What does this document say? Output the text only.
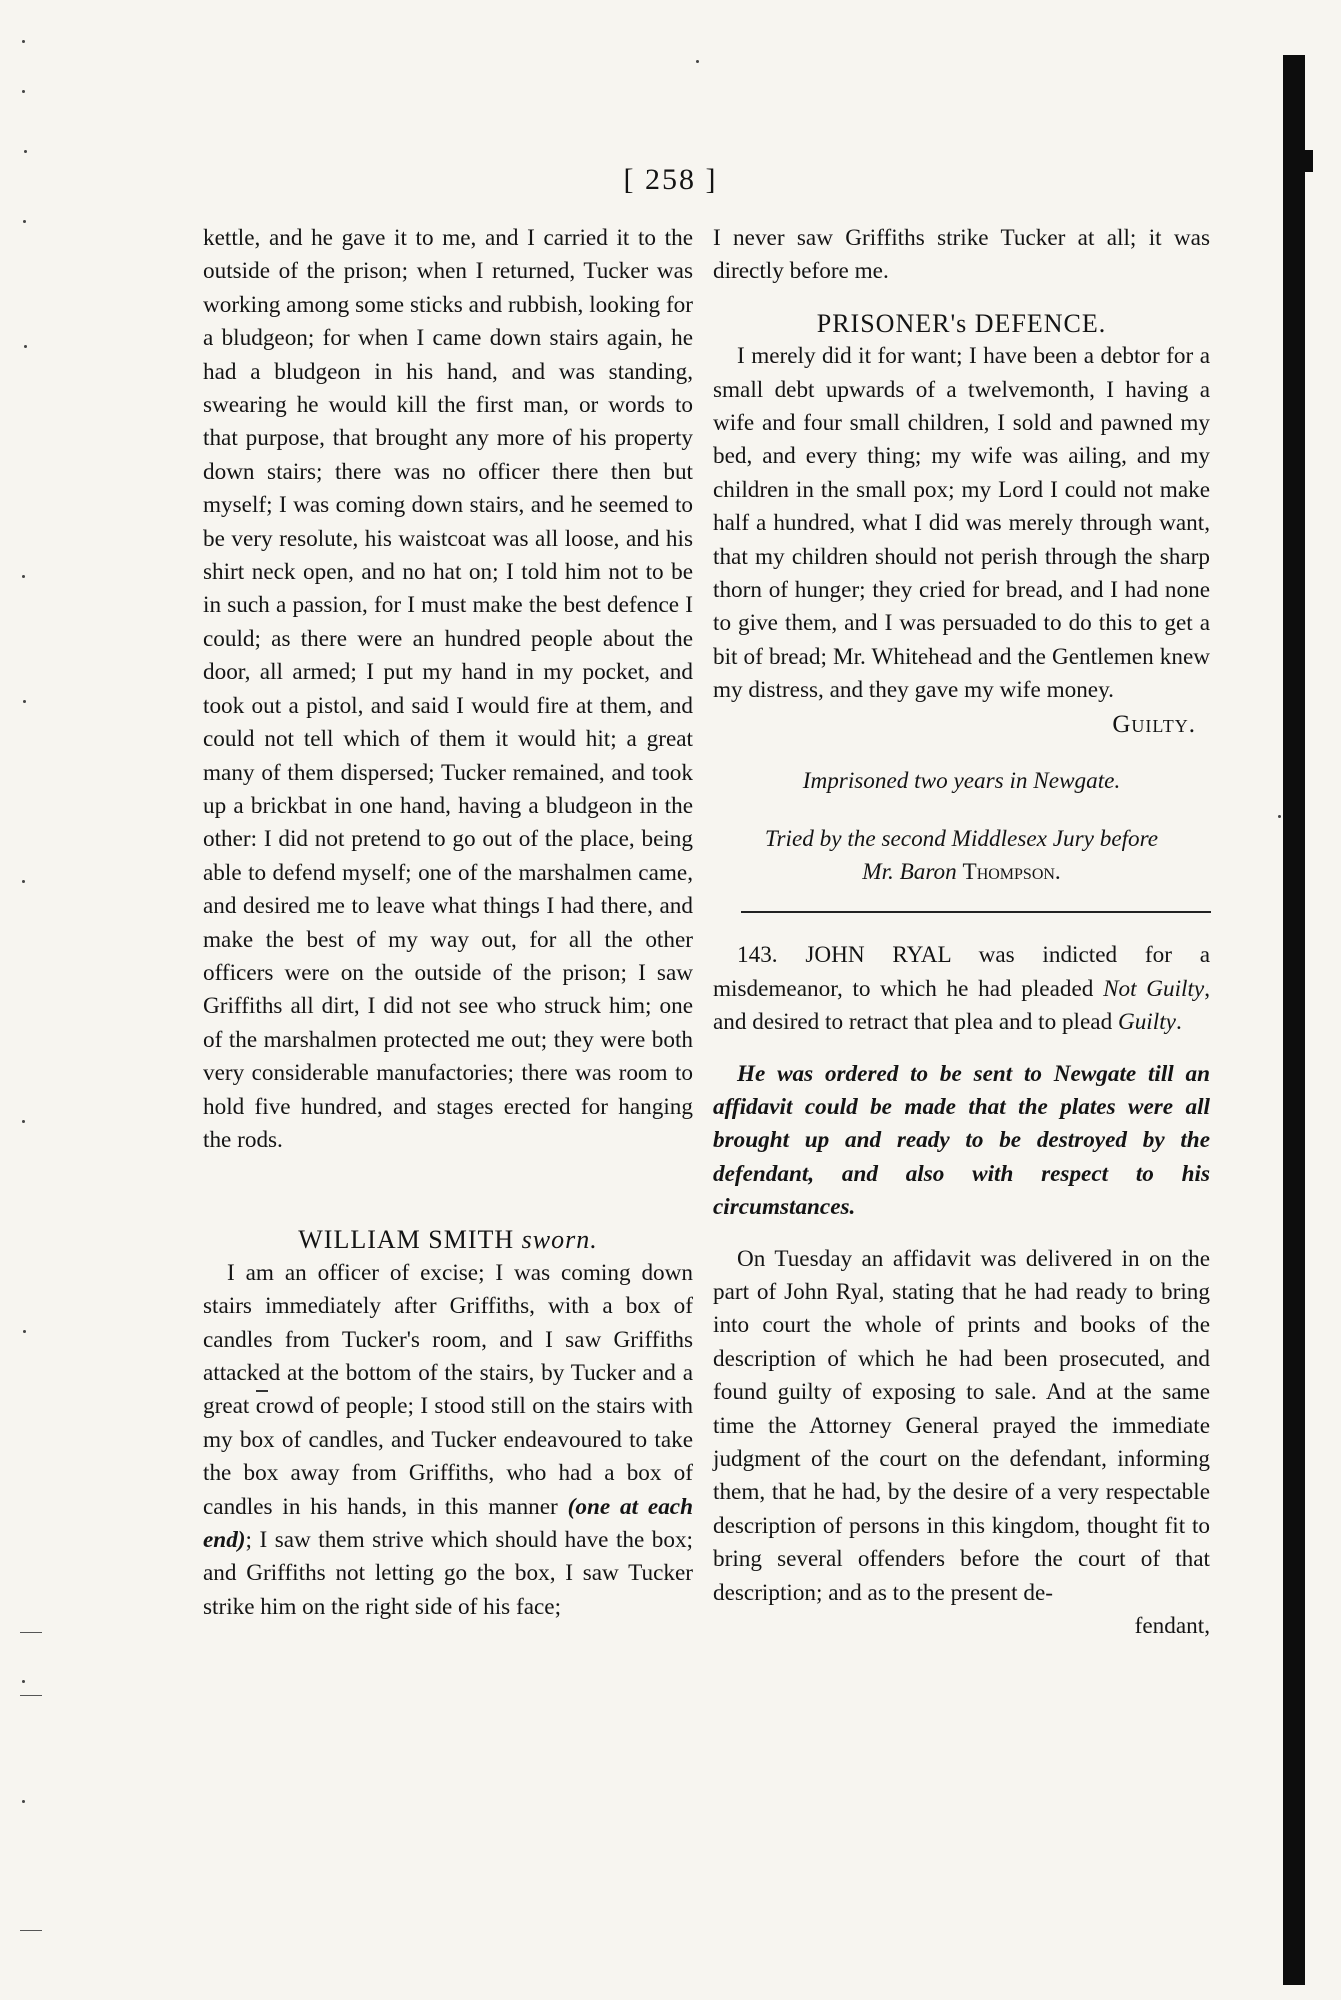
[ 258 ]

kettle, and he gave it to me, and I carried it to the outside of the prison; when I returned, Tucker was working among some sticks and rubbish, looking for a bludgeon; for when I came down stairs again, he had a bludgeon in his hand, and was standing, swearing he would kill the first man, or words to that purpose, that brought any more of his property down stairs; there was no officer there then but myself; I was coming down stairs, and he seemed to be very resolute, his waistcoat was all loose, and his shirt neck open, and no hat on; I told him not to be in such a passion, for I must make the best defence I could; as there were an hundred people about the door, all armed; I put my hand in my pocket, and took out a pistol, and said I would fire at them, and could not tell which of them it would hit; a great many of them dispersed; Tucker remained, and took up a brickbat in one hand, having a bludgeon in the other: I did not pretend to go out of the place, being able to defend myself; one of the marshalmen came, and desired me to leave what things I had there, and make the best of my way out, for all the other officers were on the outside of the prison; I saw Griffiths all dirt, I did not see who struck him; one of the marshalmen protected me out; they were both very considerable manufactories; there was room to hold five hundred, and stages erected for hanging the rods.

WILLIAM SMITH sworn.

I am an officer of excise; I was coming down stairs immediately after Griffiths, with a box of candles from Tucker's room, and I saw Griffiths attacked at the bottom of the stairs, by Tucker and a great crowd of people; I stood still on the stairs with my box of candles, and Tucker endeavoured to take the box away from Griffiths, who had a box of candles in his hands, in this manner (one at each end); I saw them strive which should have the box; and Griffiths not letting go the box, I saw Tucker strike him on the right side of his face;

I never saw Griffiths strike Tucker at all; it was directly before me.

PRISONER's DEFENCE.

I merely did it for want; I have been a debtor for a small debt upwards of a twelvemonth, I having a wife and four small children, I sold and pawned my bed, and every thing; my wife was ailing, and my children in the small pox; my Lord I could not make half a hundred, what I did was merely through want, that my children should not perish through the sharp thorn of hunger; they cried for bread, and I had none to give them, and I was persuaded to do this to get a bit of bread; Mr. Whitehead and the Gentlemen knew my distress, and they gave my wife money.

Guilty.

Imprisoned two years in Newgate.

Tried by the second Middlesex Jury before

Mr. Baron Thompson.

143. JOHN RYAL was indicted for a misdemeanor, to which he had pleaded Not Guilty, and desired to retract that plea and to plead Guilty.

He was ordered to be sent to Newgate till an affidavit could be made that the plates were all brought up and ready to be destroyed by the defendant, and also with respect to his circumstances.

On Tuesday an affidavit was delivered in on the part of John Ryal, stating that he had ready to bring into court the whole of prints and books of the description of which he had been prosecuted, and found guilty of exposing to sale. And at the same time the Attorney General prayed the immediate judgment of the court on the defendant, informing them, that he had, by the desire of a very respectable description of persons in this kingdom, thought fit to bring several offenders before the court of that description; and as to the present de-

fendant,
